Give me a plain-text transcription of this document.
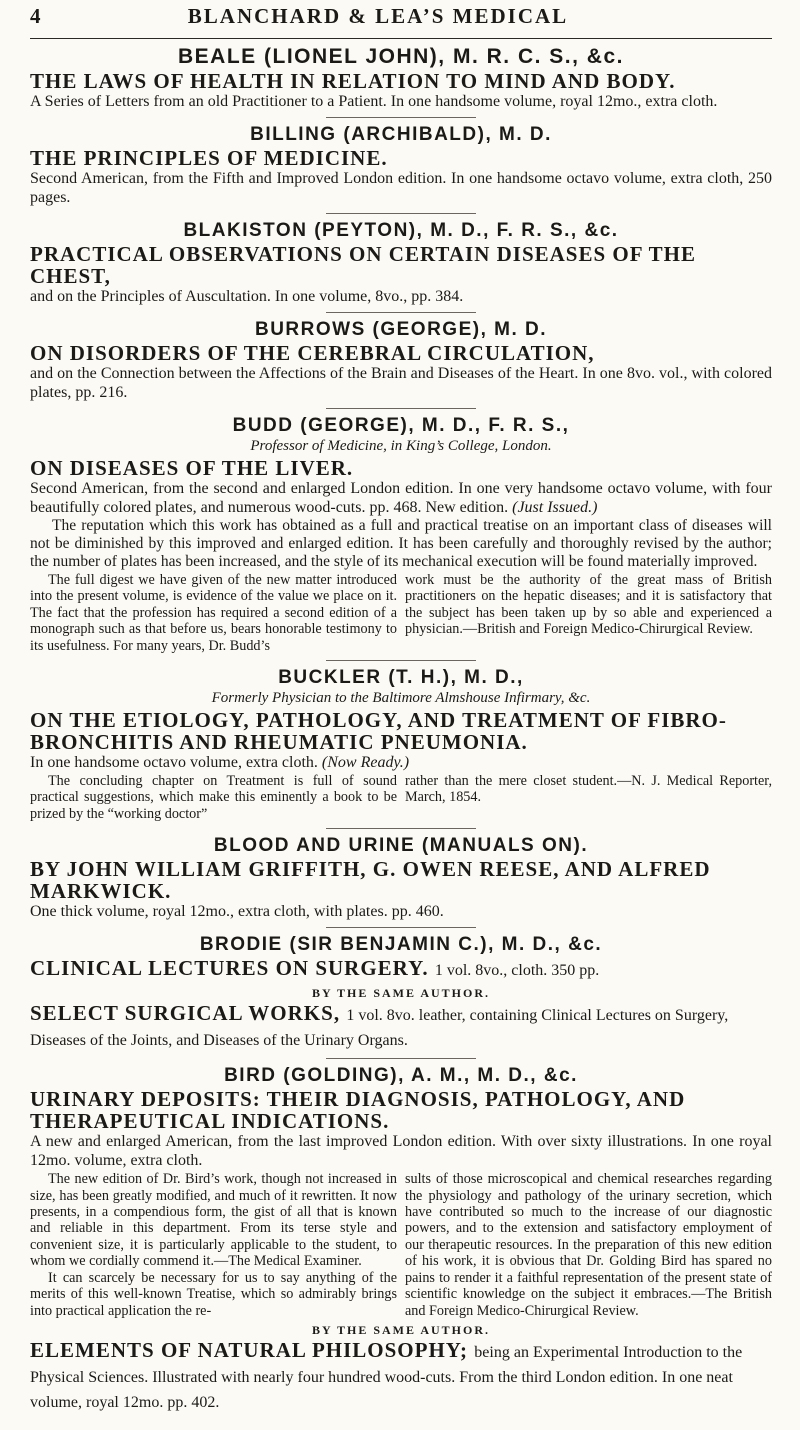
4	BLANCHARD & LEA’S MEDICAL
BEALE (LIONEL JOHN), M. R. C. S., &c.

THE LAWS OF HEALTH IN RELATION TO MIND AND BODY.

A Series of Letters from an old Practitioner to a Patient. In one handsome volume, royal 12mo., extra cloth.

BILLING (ARCHIBALD), M. D.

THE PRINCIPLES OF MEDICINE.

Second American, from the Fifth and Improved London edition. In one handsome octavo volume, extra cloth, 250 pages.

BLAKISTON (PEYTON), M. D., F. R. S., &c.

PRACTICAL OBSERVATIONS ON CERTAIN DISEASES OF THE CHEST,

and on the Principles of Auscultation. In one volume, 8vo., pp. 384.

BURROWS (GEORGE), M. D.

ON DISORDERS OF THE CEREBRAL CIRCULATION,

and on the Connection between the Affections of the Brain and Diseases of the Heart. In one 8vo. vol., with colored plates, pp. 216.

BUDD (GEORGE), M. D., F. R. S.,

Professor of Medicine, in King’s College, London.

ON DISEASES OF THE LIVER.

Second American, from the second and enlarged London edition. In one very handsome octavo volume, with four beautifully colored plates, and numerous wood-cuts. pp. 468. New edition. (Just Issued.)

The reputation which this work has obtained as a full and practical treatise on an important class of diseases will not be diminished by this improved and enlarged edition. It has been carefully and thoroughly revised by the author; the number of plates has been increased, and the style of its mechanical execution will be found materially improved.

The full digest we have given of the new matter introduced into the present volume, is evidence of the value we place on it. The fact that the profession has required a second edition of a monograph such as that before us, bears honorable testimony to its usefulness. For many years, Dr. Budd’s

work must be the authority of the great mass of British practitioners on the hepatic diseases; and it is satisfactory that the subject has been taken up by so able and experienced a physician.—British and Foreign Medico-Chirurgical Review.

BUCKLER (T. H.), M. D.,

Formerly Physician to the Baltimore Almshouse Infirmary, &c.

ON THE ETIOLOGY, PATHOLOGY, AND TREATMENT OF FIBRO-BRONCHITIS AND RHEUMATIC PNEUMONIA.

In one handsome octavo volume, extra cloth. (Now Ready.)

The concluding chapter on Treatment is full of sound practical suggestions, which make this eminently a book to be prized by the “working doctor”

rather than the mere closet student.—N. J. Medical Reporter, March, 1854.

BLOOD AND URINE (MANUALS ON).

BY JOHN WILLIAM GRIFFITH, G. OWEN REESE, AND ALFRED MARKWICK.

One thick volume, royal 12mo., extra cloth, with plates. pp. 460.

BRODIE (SIR BENJAMIN C.), M. D., &c.

CLINICAL LECTURES ON SURGERY. 1 vol. 8vo., cloth. 350 pp.

BY THE SAME AUTHOR.

SELECT SURGICAL WORKS, 1 vol. 8vo. leather, containing Clinical Lectures on Surgery, Diseases of the Joints, and Diseases of the Urinary Organs.

BIRD (GOLDING), A. M., M. D., &c.

URINARY DEPOSITS: THEIR DIAGNOSIS, PATHOLOGY, AND THERAPEUTICAL INDICATIONS.

A new and enlarged American, from the last improved London edition. With over sixty illustrations. In one royal 12mo. volume, extra cloth.

The new edition of Dr. Bird’s work, though not increased in size, has been greatly modified, and much of it rewritten. It now presents, in a compendious form, the gist of all that is known and reliable in this department. From its terse style and convenient size, it is particularly applicable to the student, to whom we cordially commend it.—The Medical Examiner.

It can scarcely be necessary for us to say anything of the merits of this well-known Treatise, which so admirably brings into practical application the re-

sults of those microscopical and chemical researches regarding the physiology and pathology of the urinary secretion, which have contributed so much to the increase of our diagnostic powers, and to the extension and satisfactory employment of our therapeutic resources. In the preparation of this new edition of his work, it is obvious that Dr. Golding Bird has spared no pains to render it a faithful representation of the present state of scientific knowledge on the subject it embraces.—The British and Foreign Medico-Chirurgical Review.

BY THE SAME AUTHOR.

ELEMENTS OF NATURAL PHILOSOPHY; being an Experimental Introduction to the Physical Sciences. Illustrated with nearly four hundred wood-cuts. From the third London edition. In one neat volume, royal 12mo. pp. 402.
